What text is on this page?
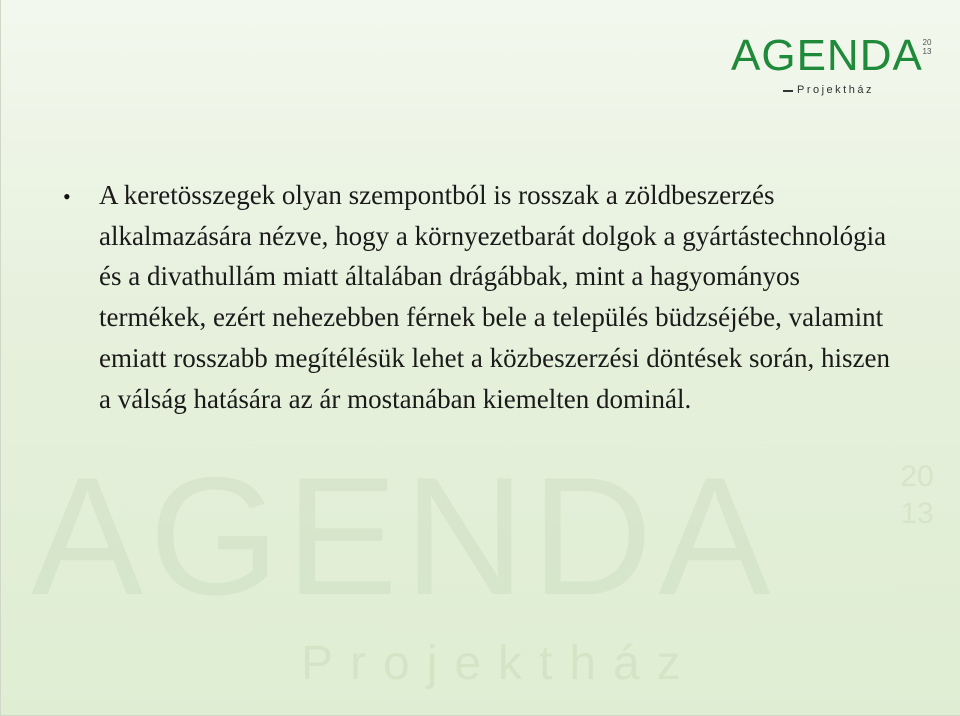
AGENDA	2013
Projektház
AGENDA 2013
Projektház
• A keretösszegek olyan szempontból is rosszak a zöldbeszerzés alkalmazására nézve, hogy a környezetbarát dolgok a gyártástechnológia és a divathullám miatt általában drágábbak, mint a hagyományos termékek, ezért nehezebben férnek bele a település büdzséjébe, valamint emiatt rosszabb megítélésük lehet a közbeszerzési döntések során, hiszen a válság hatására az ár mostanában kiemelten dominál.
